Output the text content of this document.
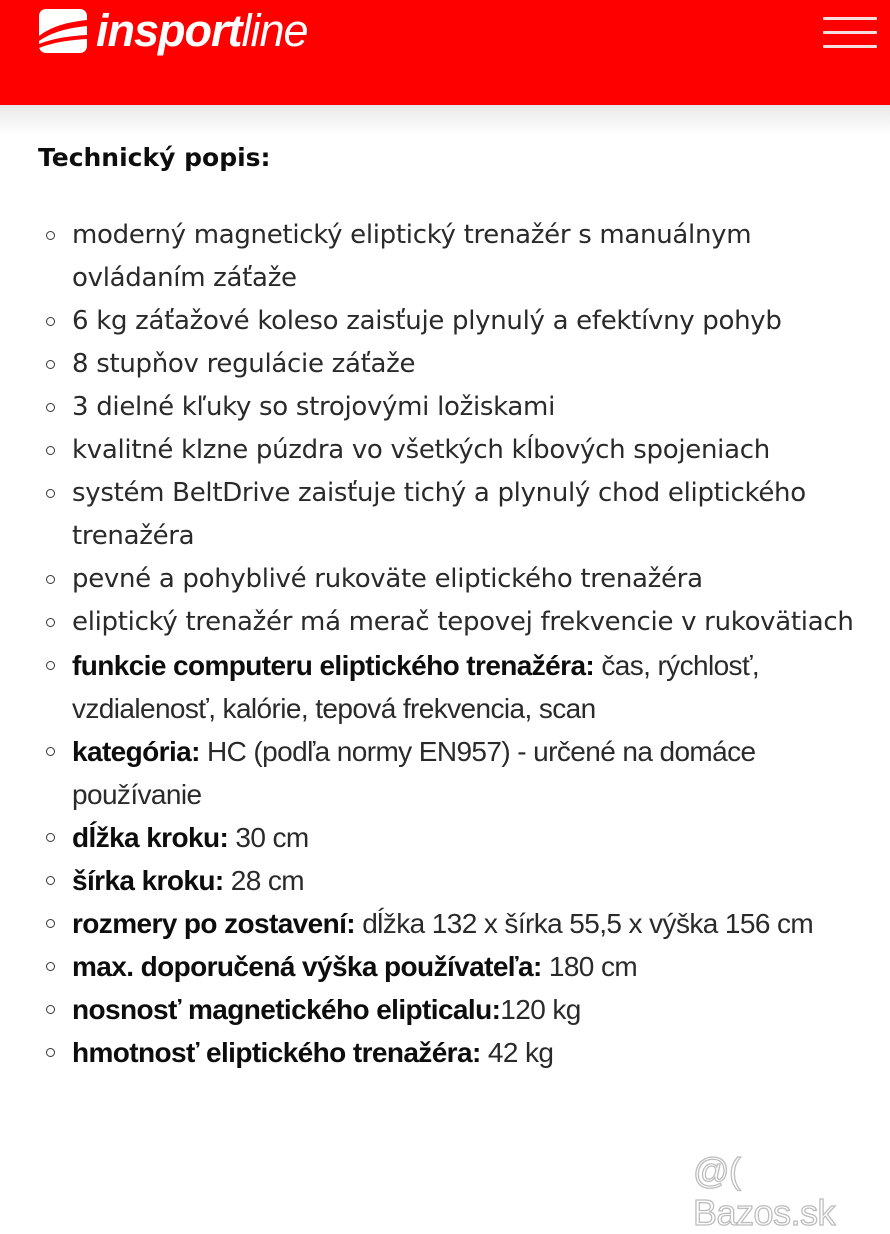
insportline
Technický popis:
moderný magnetický eliptický trenažér s manuálnym ovládaním záťaže
6 kg záťažové koleso zaisťuje plynulý a efektívny pohyb
8 stupňov regulácie záťaže
3 dielné kľuky so strojovými ložiskami
kvalitné klzne púzdra vo všetkých kĺbových spojeniach
systém BeltDrive zaisťuje tichý a plynulý chod eliptického trenažéra
pevné a pohyblivé rukoväte eliptického trenažéra
eliptický trenažér má merač tepovej frekvencie v rukovätiach
funkcie computeru eliptického trenažéra: čas, rýchlosť, vzdialenosť, kalórie, tepová frekvencia, scan
kategória: HC (podľa normy EN957) - určené na domáce používanie
dĺžka kroku: 30 cm
šírka kroku: 28 cm
rozmery po zostavení: dĺžka 132 x šírka 55,5 x výška 156 cm
max. doporučená výška používateľa: 180 cm
nosnosť magnetického elipticalu:120 kg
hmotnosť eliptického trenažéra: 42 kg
@( Bazos.sk
